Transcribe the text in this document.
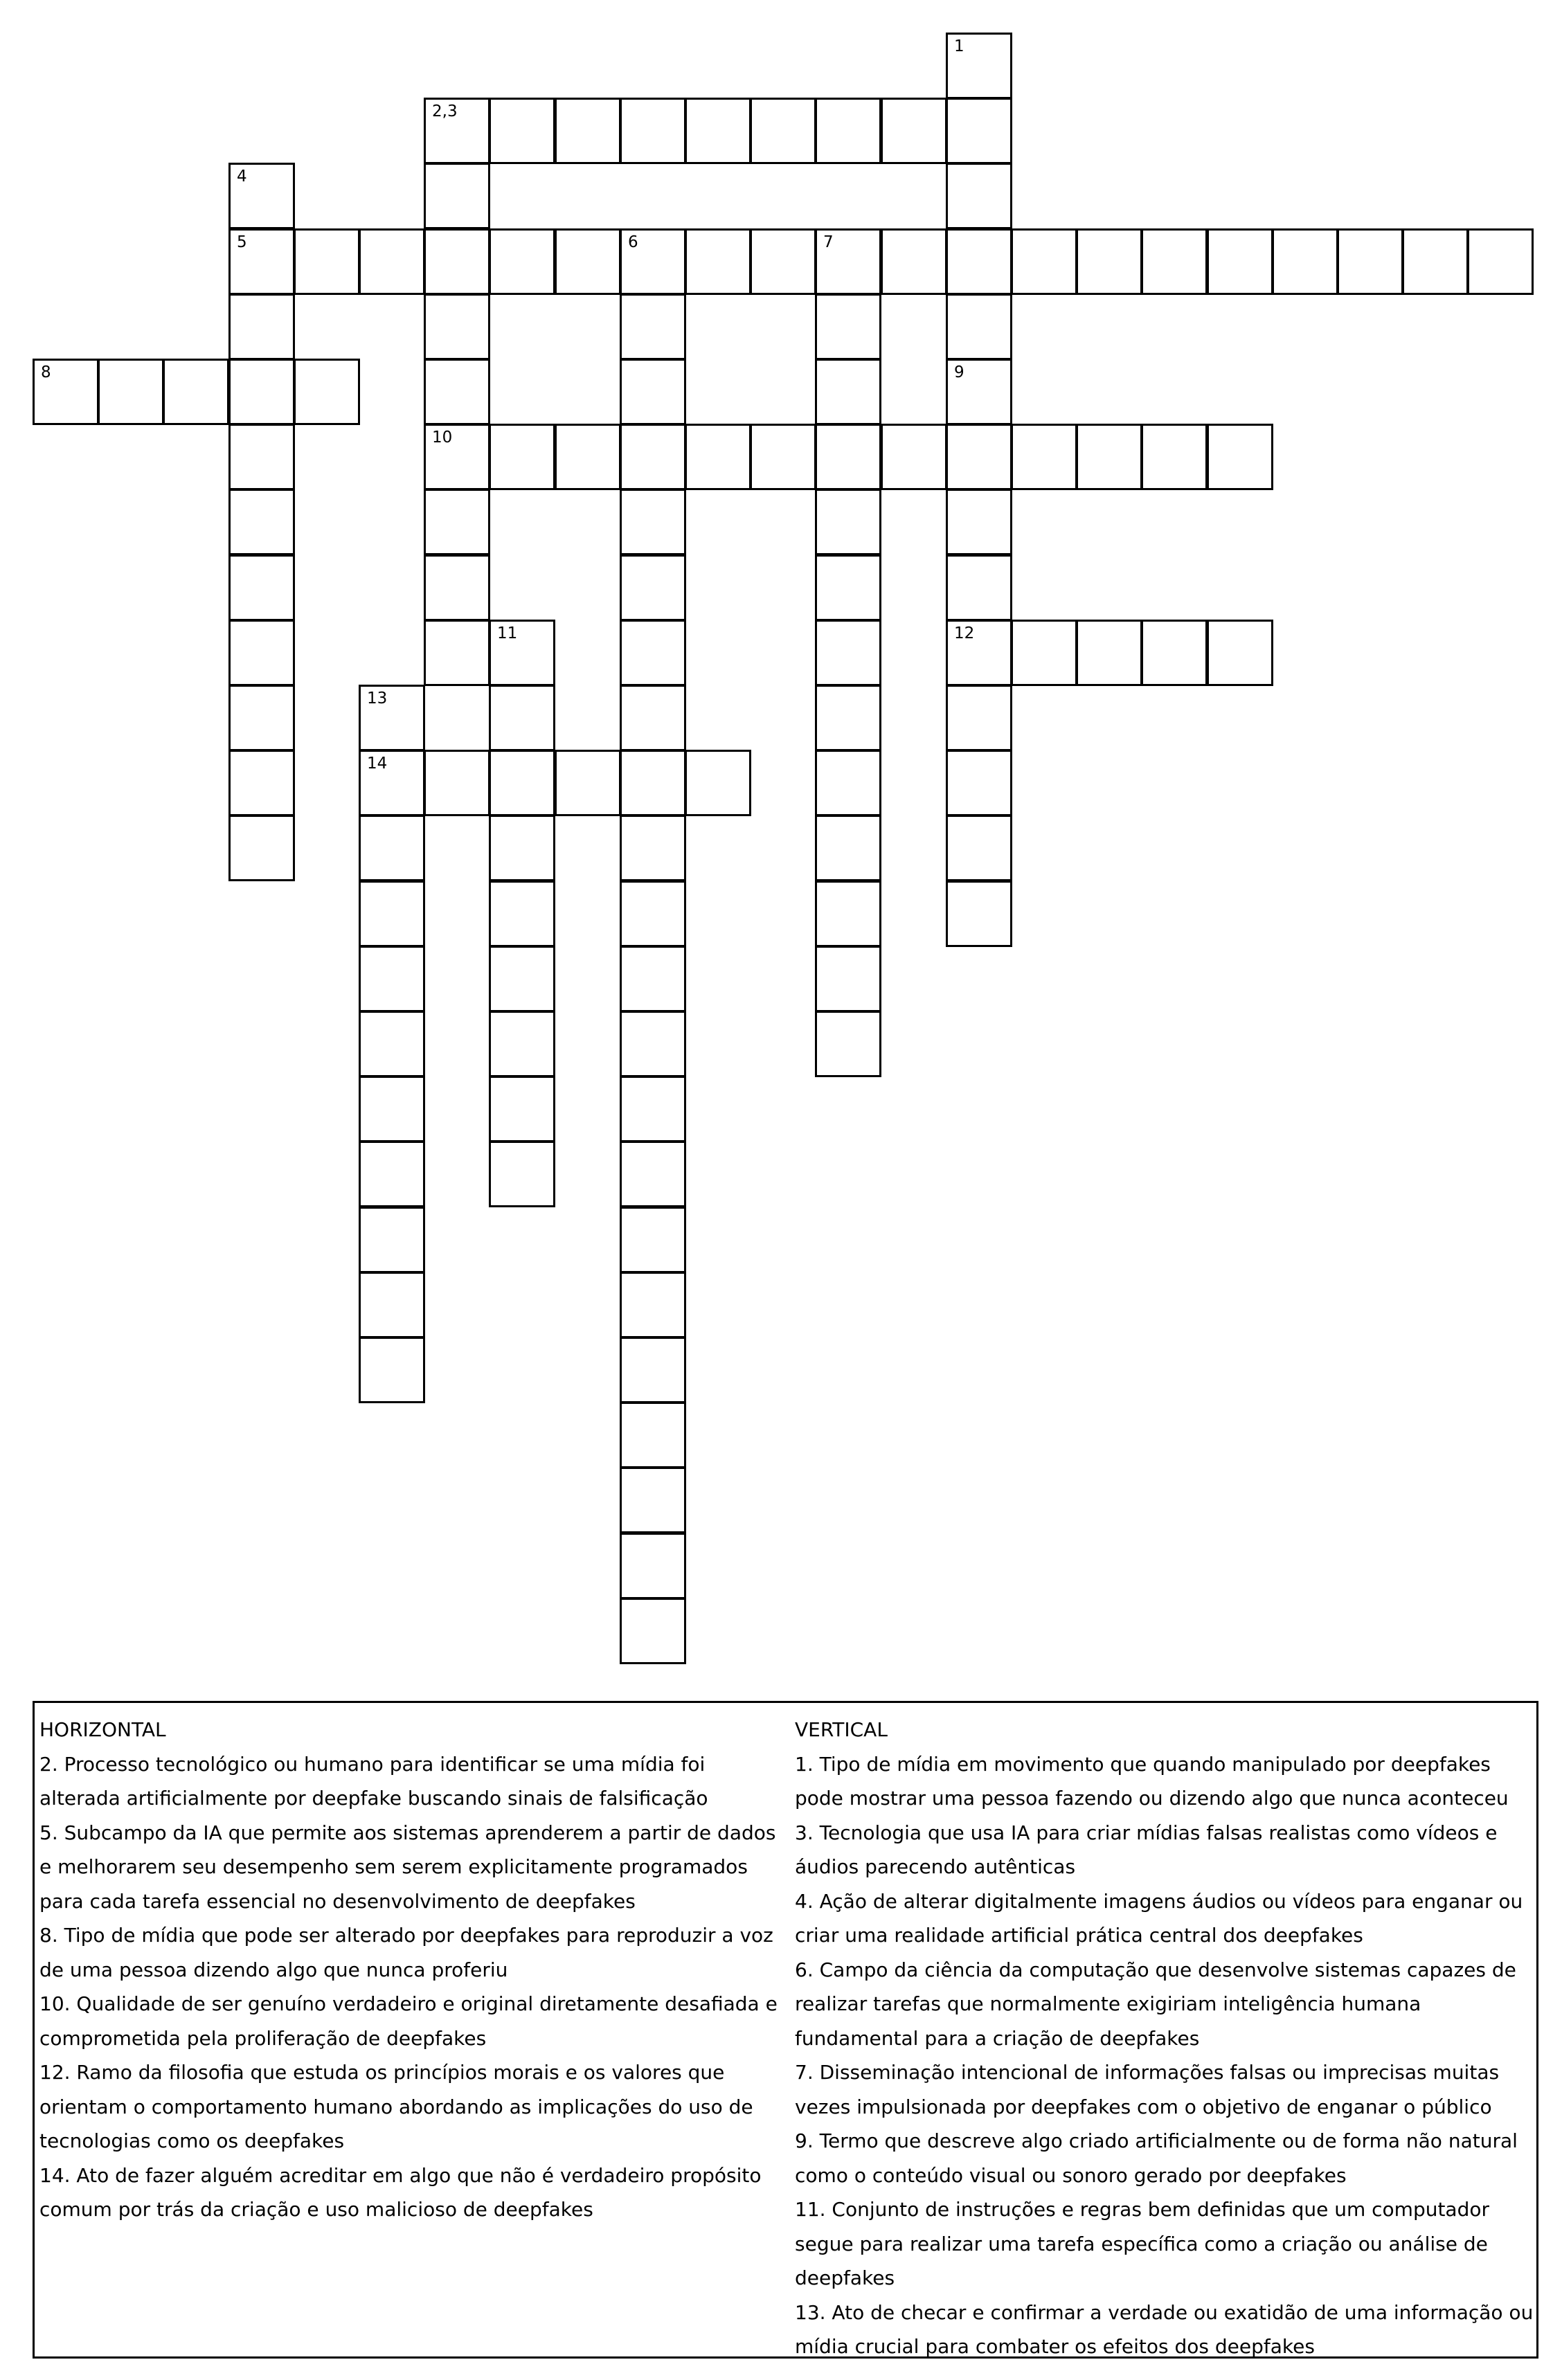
1
2,3
10
4
5	6	7
8	9
12
11
13
14

HORIZONTAL

2. Processo tecnológico ou humano para identificar se uma mídia foi alterada artificialmente por deepfake buscando sinais de falsificação

5. Subcampo da IA que permite aos sistemas aprenderem a partir de dados e melhorarem seu desempenho sem serem explicitamente programados para cada tarefa essencial no desenvolvimento de deepfakes

8. Tipo de mídia que pode ser alterado por deepfakes para reproduzir a voz de uma pessoa dizendo algo que nunca proferiu

10. Qualidade de ser genuíno verdadeiro e original diretamente desafiada e comprometida pela proliferação de deepfakes

12. Ramo da filosofia que estuda os princípios morais e os valores que orientam o comportamento humano abordando as implicações do uso de tecnologias como os deepfakes

14. Ato de fazer alguém acreditar em algo que não é verdadeiro propósito comum por trás da criação e uso malicioso de deepfakes

VERTICAL

1. Tipo de mídia em movimento que quando manipulado por deepfakes pode mostrar uma pessoa fazendo ou dizendo algo que nunca aconteceu

3. Tecnologia que usa IA para criar mídias falsas realistas como vídeos e áudios parecendo autênticas

4. Ação de alterar digitalmente imagens áudios ou vídeos para enganar ou criar uma realidade artificial prática central dos deepfakes

6. Campo da ciência da computação que desenvolve sistemas capazes de realizar tarefas que normalmente exigiriam inteligência humana fundamental para a criação de deepfakes

7. Disseminação intencional de informações falsas ou imprecisas muitas vezes impulsionada por deepfakes com o objetivo de enganar o público

9. Termo que descreve algo criado artificialmente ou de forma não natural como o conteúdo visual ou sonoro gerado por deepfakes

11. Conjunto de instruções e regras bem definidas que um computador segue para realizar uma tarefa específica como a criação ou análise de deepfakes

13. Ato de checar e confirmar a verdade ou exatidão de uma informação ou mídia crucial para combater os efeitos dos deepfakes
